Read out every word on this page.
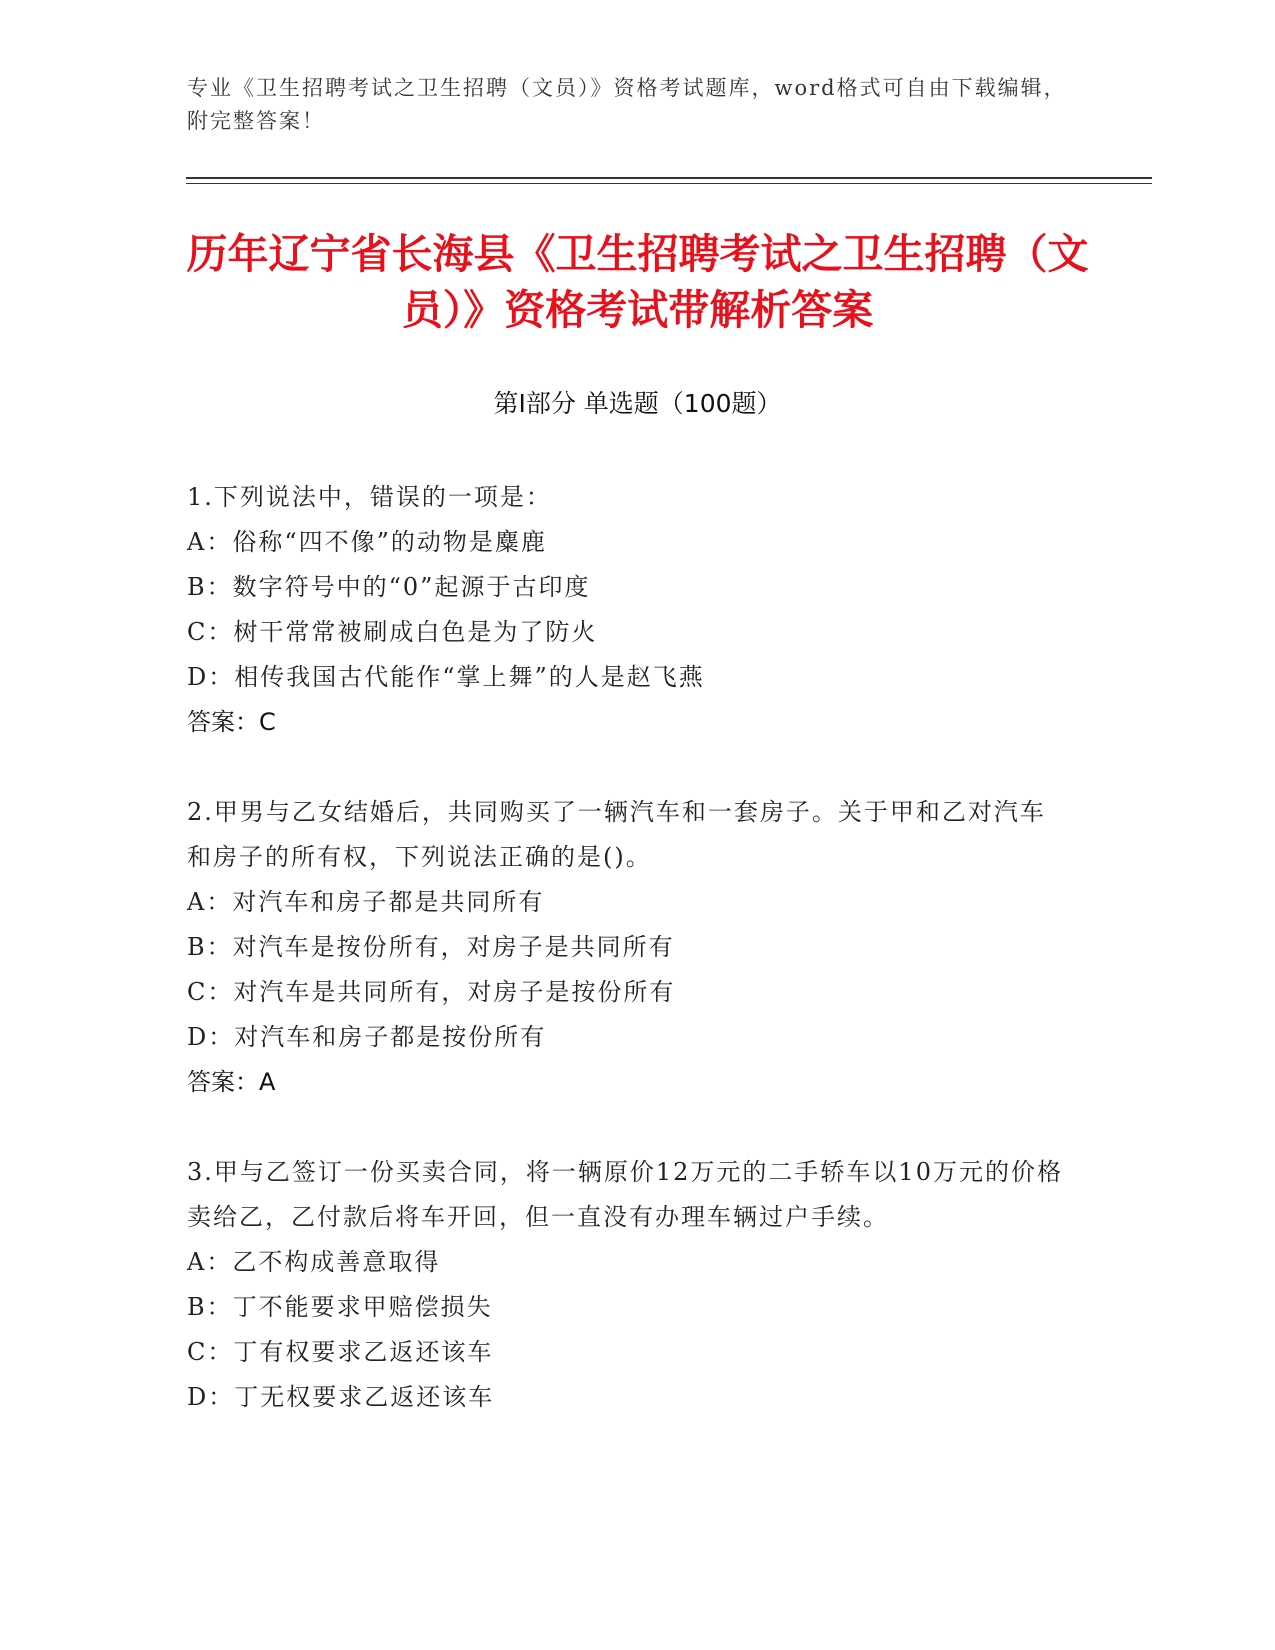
专业《卫生招聘考试之卫生招聘（文员）》资格考试题库，word格式可自由下载编辑，附完整答案！
历年辽宁省长海县《卫生招聘考试之卫生招聘（文员）》资格考试带解析答案
第Ⅰ部分 单选题（100题）
1.下列说法中，错误的一项是：
A：俗称“四不像”的动物是麋鹿
B：数字符号中的“0”起源于古印度
C：树干常常被刷成白色是为了防火
D：相传我国古代能作“掌上舞”的人是赵飞燕
答案：C
2.甲男与乙女结婚后，共同购买了一辆汽车和一套房子。关于甲和乙对汽车和房子的所有权，下列说法正确的是()。
A：对汽车和房子都是共同所有
B：对汽车是按份所有，对房子是共同所有
C：对汽车是共同所有，对房子是按份所有
D：对汽车和房子都是按份所有
答案：A
3.甲与乙签订一份买卖合同，将一辆原价12万元的二手轿车以10万元的价格卖给乙，乙付款后将车开回，但一直没有办理车辆过户手续。
A：乙不构成善意取得
B：丁不能要求甲赔偿损失
C：丁有权要求乙返还该车
D：丁无权要求乙返还该车
